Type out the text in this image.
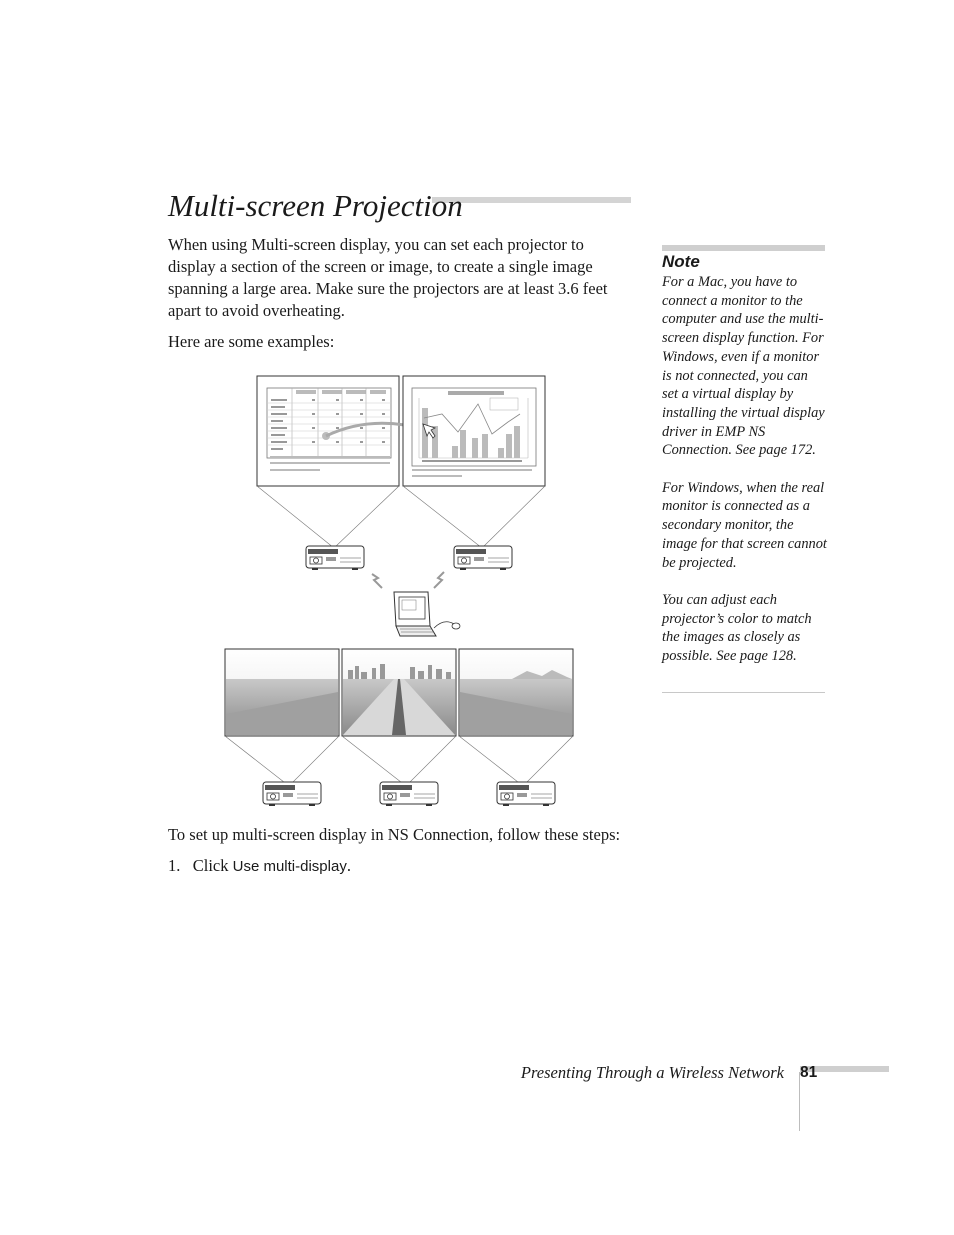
Multi-screen Projection

When using Multi-screen display, you can set each projector to display a section of the screen or image, to create a single image spanning a large area. Make sure the projectors are at least 3.6 feet apart to avoid overheating.

Here are some examples:

To set up multi-screen display in NS Connection, follow these steps:

1. Click Use multi-display.
Note

For a Mac, you have to connect a monitor to the computer and use the multi-screen display function. For Windows, even if a monitor is not connected, you can set a virtual display by installing the virtual display driver in EMP NS Connection. See page 172.

For Windows, when the real monitor is connected as a secondary monitor, the image for that screen cannot be projected.

You can adjust each projector’s color to match the images as closely as possible. See page 128.

Presenting Through a Wireless Network 81
